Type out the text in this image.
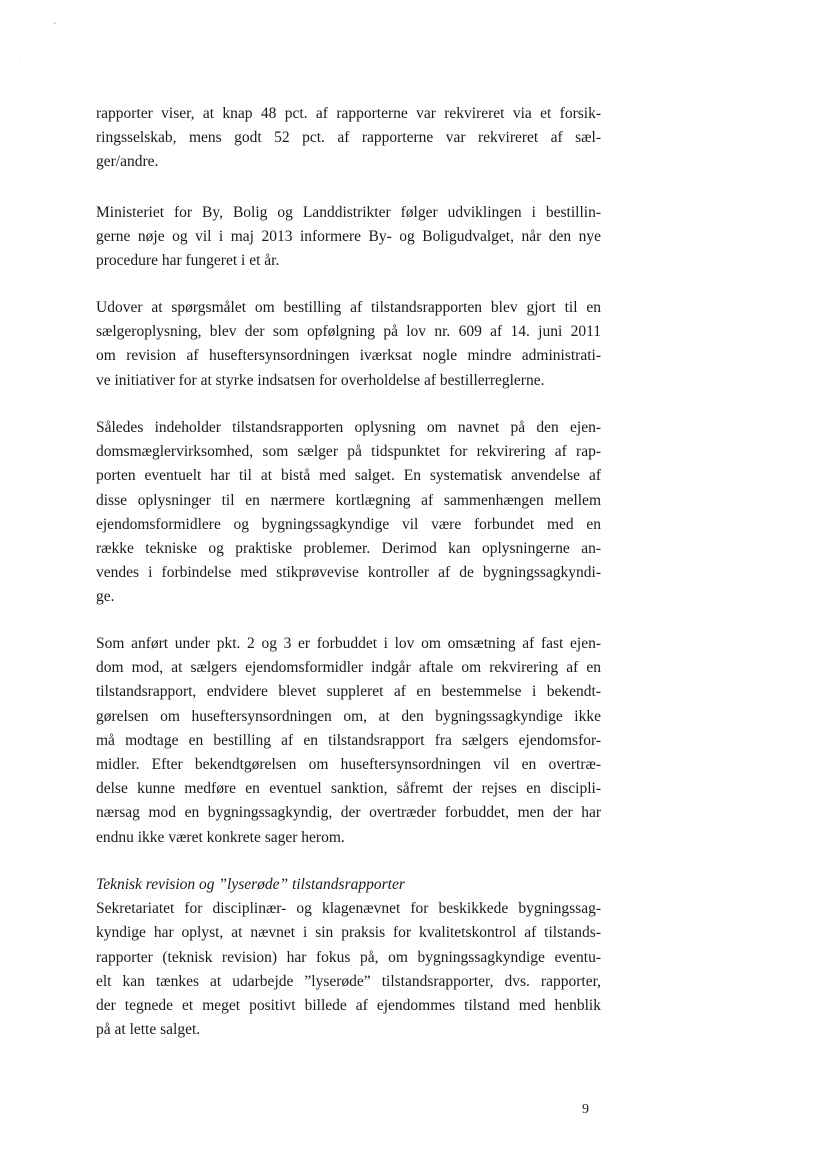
rapporter viser, at knap 48 pct. af rapporterne var rekvireret via et forsik-
ringsselskab, mens godt 52 pct. af rapporterne var rekvireret af sæl-
ger/andre.
Ministeriet for By, Bolig og Landdistrikter følger udviklingen i bestillin-
gerne nøje og vil i maj 2013 informere By- og Boligudvalget, når den nye
procedure har fungeret i et år.
Udover at spørgsmålet om bestilling af tilstandsrapporten blev gjort til en
sælgeroplysning, blev der som opfølgning på lov nr. 609 af 14. juni 2011
om revision af huseftersynsordningen iværksat nogle mindre administrati-
ve initiativer for at styrke indsatsen for overholdelse af bestillerreglerne.
Således indeholder tilstandsrapporten oplysning om navnet på den ejen-
domsmæglervirksomhed, som sælger på tidspunktet for rekvirering af rap-
porten eventuelt har til at bistå med salget. En systematisk anvendelse af
disse oplysninger til en nærmere kortlægning af sammenhængen mellem
ejendomsformidlere og bygningssagkyndige vil være forbundet med en
række tekniske og praktiske problemer. Derimod kan oplysningerne an-
vendes i forbindelse med stikprøvevise kontroller af de bygningssagkyndi-
ge.
Som anført under pkt. 2 og 3 er forbuddet i lov om omsætning af fast ejen-
dom mod, at sælgers ejendomsformidler indgår aftale om rekvirering af en
tilstandsrapport, endvidere blevet suppleret af en bestemmelse i bekendt-
gørelsen om huseftersynsordningen om, at den bygningssagkyndige ikke
må modtage en bestilling af en tilstandsrapport fra sælgers ejendomsfor-
midler. Efter bekendtgørelsen om huseftersynsordningen vil en overtræ-
delse kunne medføre en eventuel sanktion, såfremt der rejses en discipli-
nærsag mod en bygningssagkyndig, der overtræder forbuddet, men der har
endnu ikke været konkrete sager herom.
Teknisk revision og ”lyserøde” tilstandsrapporter
Sekretariatet for disciplinær- og klagenævnet for beskikkede bygningssag-
kyndige har oplyst, at nævnet i sin praksis for kvalitetskontrol af tilstands-
rapporter (teknisk revision) har fokus på, om bygningssagkyndige eventu-
elt kan tænkes at udarbejde ”lyserøde” tilstandsrapporter, dvs. rapporter,
der tegnede et meget positivt billede af ejendommes tilstand med henblik
på at lette salget.
9
